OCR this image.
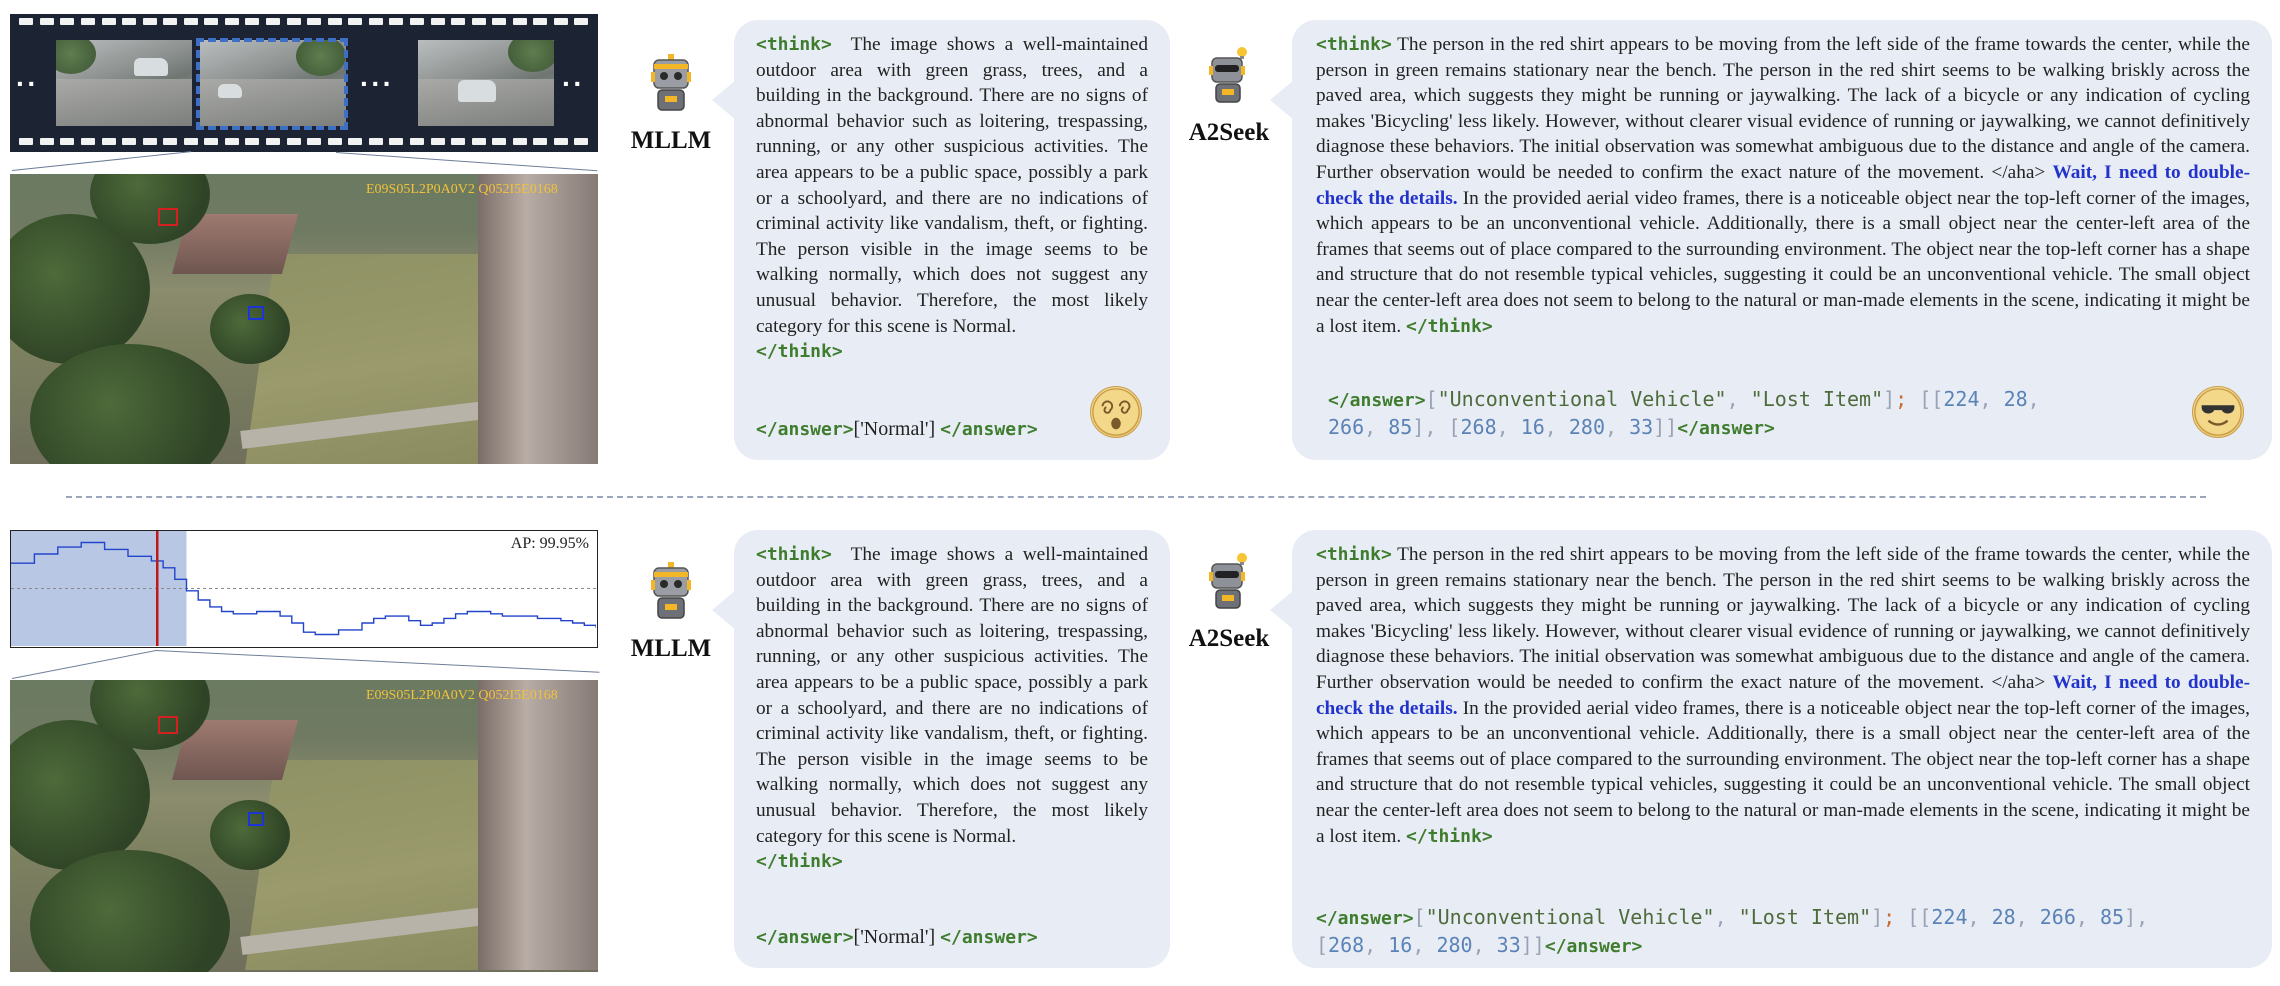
··	···	··
E09S05L2P0A0V2 Q052I5E0168
MLLM
<think> The image shows a well-maintained outdoor area with green grass, trees, and a building in the background. There are no signs of abnormal behavior such as loitering, trespassing, running, or any other suspicious activities. The area appears to be a public space, possibly a park or a schoolyard, and there are no indications of criminal activity like vandalism, theft, or fighting. The person visible in the image seems to be walking normally, which does not suggest any unusual behavior. Therefore, the most likely category for this scene is Normal.
</think>
</answer>['Normal'] </answer>
A2Seek
<think> The person in the red shirt appears to be moving from the left side of the frame towards the center, while the person in green remains stationary near the bench. The person in the red shirt seems to be walking briskly across the paved area, which suggests they might be running or jaywalking. The lack of a bicycle or any indication of cycling makes 'Bicycling' less likely. However, without clearer visual evidence of running or jaywalking, we cannot definitively diagnose these behaviors. The initial observation was somewhat ambiguous due to the distance and angle of the camera. Further observation would be needed to confirm the exact nature of the movement. </aha> Wait, I need to double-check the details. In the provided aerial video frames, there is a noticeable object near the top-left corner of the images, which appears to be an unconventional vehicle. Additionally, there is a small object near the center-left area of the frames that seems out of place compared to the surrounding environment. The object near the top-left corner has a shape and structure that do not resemble typical vehicles, suggesting it could be an unconventional vehicle. The small object near the center-left area does not seem to belong to the natural or man-made elements in the scene, indicating it might be a lost item. </think>
</answer>["Unconventional Vehicle", "Lost Item"]; [[224, 28,
266, 85], [268, 16, 280, 33]]</answer>
AP: 99.95%
E09S05L2P0A0V2 Q052I5E0168
MLLM
<think> The image shows a well-maintained outdoor area with green grass, trees, and a building in the background. There are no signs of abnormal behavior such as loitering, trespassing, running, or any other suspicious activities. The area appears to be a public space, possibly a park or a schoolyard, and there are no indications of criminal activity like vandalism, theft, or fighting. The person visible in the image seems to be walking normally, which does not suggest any unusual behavior. Therefore, the most likely category for this scene is Normal.
</think>
</answer>['Normal'] </answer>
A2Seek
<think> The person in the red shirt appears to be moving from the left side of the frame towards the center, while the person in green remains stationary near the bench. The person in the red shirt seems to be walking briskly across the paved area, which suggests they might be running or jaywalking. The lack of a bicycle or any indication of cycling makes 'Bicycling' less likely. However, without clearer visual evidence of running or jaywalking, we cannot definitively diagnose these behaviors. The initial observation was somewhat ambiguous due to the distance and angle of the camera. Further observation would be needed to confirm the exact nature of the movement. </aha> Wait, I need to double-check the details. In the provided aerial video frames, there is a noticeable object near the top-left corner of the images, which appears to be an unconventional vehicle. Additionally, there is a small object near the center-left area of the frames that seems out of place compared to the surrounding environment. The object near the top-left corner has a shape and structure that do not resemble typical vehicles, suggesting it could be an unconventional vehicle. The small object near the center-left area does not seem to belong to the natural or man-made elements in the scene, indicating it might be a lost item. </think>
</answer>["Unconventional Vehicle", "Lost Item"]; [[224, 28, 266, 85],
[268, 16, 280, 33]]</answer>
